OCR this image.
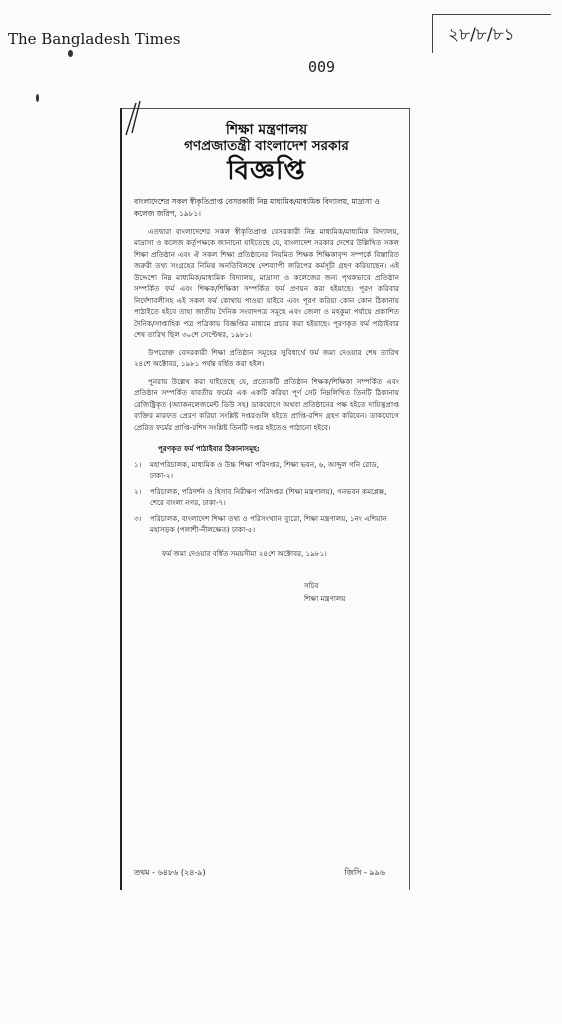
The Bangladesh Times
009
২৮/৮/৮১
শিক্ষা মন্ত্রণালয়
গণপ্রজাতন্ত্রী বাংলাদেশ সরকার
বিজ্ঞপ্তি
বাংলাদেশের সকল স্বীকৃতিপ্রাপ্ত বেসরকারী নিম্ন মাধ্যমিক/মাধ্যমিক বিদ্যালয়, মাদ্রাসা ও কলেজ জরিপ, ১৯৮১।

এতদ্বারা বাংলাদেশের সকল স্বীকৃতিপ্রাপ্ত বেসরকারী নিম্ন মাধ্যমিক/মাধ্যমিক বিদ্যালয়, মাদ্রাসা ও কলেজ কর্তৃপক্ষকে জানানো যাইতেছে যে, বাংলাদেশ সরকার দেশের উল্লিখিত সকল শিক্ষা প্রতিষ্ঠান এবং ঐ সকল শিক্ষা প্রতিষ্ঠানের নিয়মিত শিক্ষক শিক্ষিকাবৃন্দ সম্পর্কে বিস্তারিত জরুরী তথ্য সংগ্রহের নিমিত্ত অনতিবিলম্বে দেশব্যাপী জরিপের কর্মসূচী গ্রহণ করিয়াছেন। এই উদ্দেশ্যে নিম্ন মাধ্যমিক/মাধ্যমিক বিদ্যালয়, মাদ্রাসা ও কলেজের জন্য পৃথকভাবে প্রতিষ্ঠান সম্পর্কিত ফর্ম এবং শিক্ষক/শিক্ষিকা সম্পর্কিত ফর্ম প্রণয়ন করা হইয়াছে। পূরণ করিবার নির্দেশাবলীসহ এই সকল ফর্ম কোথায় পাওয়া যাইবে এবং পূরণ করিয়া কোন কোন ঠিকানায় পাঠাইতে হইবে তাহা জাতীয় দৈনিক সংবাদপত্র সমূহে এবং জেলা ও মহকুমা পর্যায়ে প্রকাশিত দৈনিক/সাপ্তাহিক পত্র পত্রিকায় বিজ্ঞপ্তির মাধ্যমে প্রচার করা হইয়াছে। পূরণকৃত ফর্ম পাঠাইবার শেষ তারিখ ছিল ৩০শে সেপ্টেম্বর, ১৯৮১।

উপরোক্ত বেসরকারী শিক্ষা প্রতিষ্ঠান সমূহের সুবিধার্থে ফর্ম জমা দেওয়ার শেষ তারিখ ২৪শে অক্টোবর, ১৯৮১ পর্যন্ত বর্ধিত করা হইল।

পুনরায় উল্লেখ করা যাইতেছে যে, প্রত্যেকটি প্রতিষ্ঠান শিক্ষক/শিক্ষিকা সম্পর্কিত এবং প্রতিষ্ঠান সম্পর্কিত যাবতীয় ফর্মের এক একটি করিয়া পূর্ণ সেট নিম্নলিখিত তিনটি ঠিকানায় রেজিষ্ট্রিকৃত (অ্যাকনলেজমেন্ট ডিউ সহ) ডাকযোগে অথবা প্রতিষ্ঠানের পক্ষ হইতে দায়িত্বপ্রাপ্ত ব্যক্তির মারফত প্রেরণ করিয়া সংশ্লিষ্ট দপ্তরগুলি হইতে প্রাপ্তি-রশিদ গ্রহণ করিবেন। ডাকযোগে প্রেরিত ফর্মের প্রাপ্তি-রশিদ সংশ্লিষ্ট তিনটি দপ্তর হইতেও পাঠানো হইবে।

পূরণকৃত ফর্ম পাঠাইবার ঠিকানাসমূহ:
১।	মহাপরিচালক, মাধ্যমিক ও উচ্চ শিক্ষা পরিদপ্তর, শিক্ষা ভবন, ৬, আব্দুল গনি রোড, ঢাকা-২।
২।	পরিচালক, পরিদর্শন ও হিসাব নিরীক্ষণ পরিদপ্তর (শিক্ষা মন্ত্রণালয়), গনভবন কমপ্লেক্স, শেরে বাংলা নগর, ঢাকা-৭।
৩।	পরিচালক, বাংলাদেশ শিক্ষা তথ্য ও পরিসংখ্যান ব্যুরো, শিক্ষা মন্ত্রণালয়, ১নং এশিয়ান মহাসড়ক (পলাশী-নীলক্ষেত) ঢাকা-৫।
ফর্ম জমা দেওয়ার বর্ধিত সময়সীমা ২৪শে অক্টোবর, ১৯৮১।
সচিব
শিক্ষা মন্ত্রণালয়
তথম - ৬৪৮৬ (২৪-৯)	জিসি - ৯৯৬
